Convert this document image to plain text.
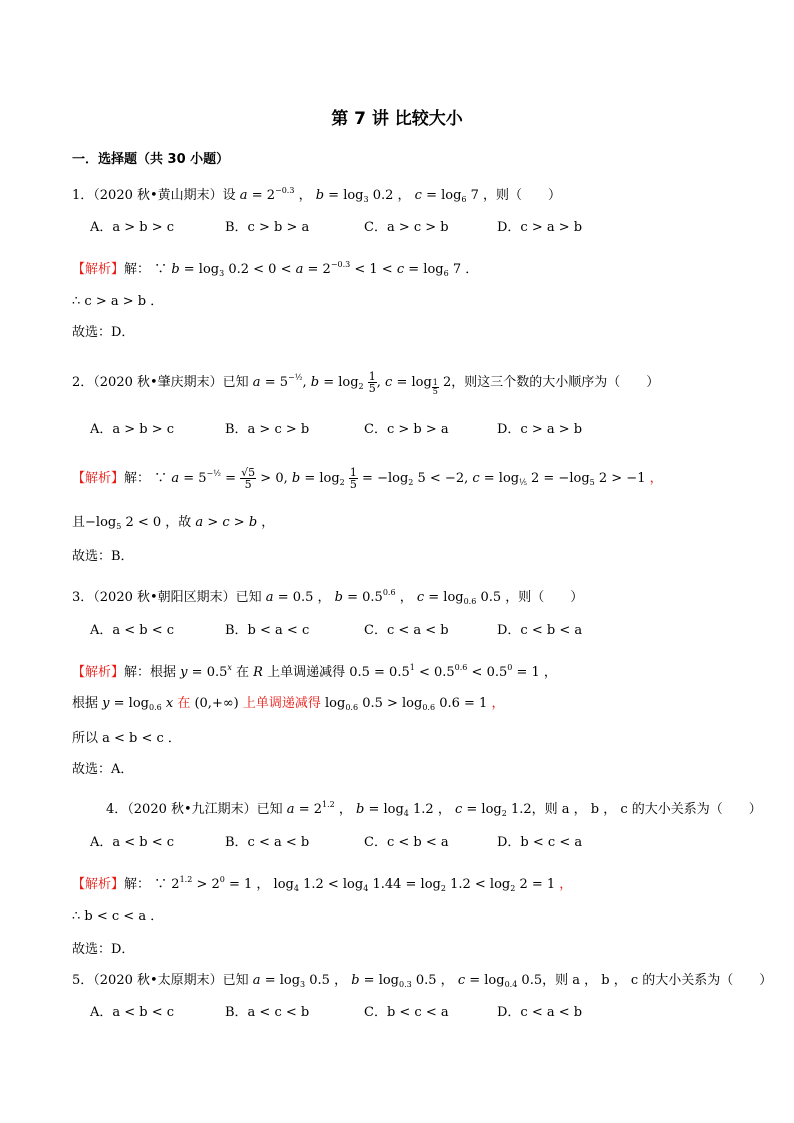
第 7 讲 比较大小
一．选择题（共 30 小题）
1．（2020 秋•黄山期末）设 $a = 2^{-0.3}$ ， $b = \log_3 0.2$ ， $c = \log_6 7$ ，则（　　）
A．a > b > c	B．c > b > a	C．a > c > b	D．c > a > b
【解析】解： ∵ $b = \log_3 0.2 < 0 < a = 2^{-0.3} < 1 < c = \log_6 7$ ．
∴ c > a > b ．
故选：D．
2．（2020 秋•肇庆期末）已知 $a = 5^{-\frac{1}{2}}$, $b = \log_2 \frac{1}{5}$ , c = log $_{\frac{1}{5}}$ 2，则这三个数的大小顺序为（　　）
A．a > b > c	B．a > c > b	C．c > b > a	D．c > a > b
【解析】解： ∵ $a = 5^{-\frac{1}{2}} = \frac{√5}{5} > 0$, $b = \log_2 \frac{1}{5} = -\log_2$ 5 < −2, $c = \log_{\frac{1}{5}} 2 = -\log_5$ 2 > −1 ，
且$-\log_5$ 2 < 0 ，故 a > c > b ，
故选：B．
3．（2020 秋•朝阳区期末）已知 a = 0.5 ， $b = 0.5^{0.6}$ ， $c = \log_{0.6} 0.5$ ，则（　　）
A．a < b < c	B．b < a < c	C．c < a < b	D．c < b < a
【解析】解：根据 $y = 0.5^x$ 在 R 上单调递减得 $0.5 = 0.5^1 < 0.5^{0.6} < 0.5^0 = 1$ ，
根据 $y = \log_{0.6} x$ 在 (0,+∞) 上单调递减得 $\log_{0.6} 0.5 > \log_{0.6} 0.6 = 1$ ，
所以 a < b < c ．
故选：A．
4．（2020 秋•九江期末）已知 $a = 2^{1.2}$ ， $b = \log_4 1.2$ ， $c = \log_2 1.2$，则 a ， b ， c 的大小关系为（　　）
A．a < b < c	B．c < a < b	C．c < b < a	D．b < c < a
【解析】解： ∵ $2^{1.2} > 2^0 = 1$ ， $\log_4 1.2 < \log_4 1.44 = \log_2 1.2 < \log_2 2 = 1$ ，
∴ b < c < a ．
故选：D．
5．（2020 秋•太原期末）已知 $a = \log_3 0.5$ ， $b = \log_{0.3} 0.5$ ， $c = \log_{0.4} 0.5$，则 a ， b ， c 的大小关系为（　　）
A．a < b < c	B．a < c < b	C．b < c < a	D．c < a < b
